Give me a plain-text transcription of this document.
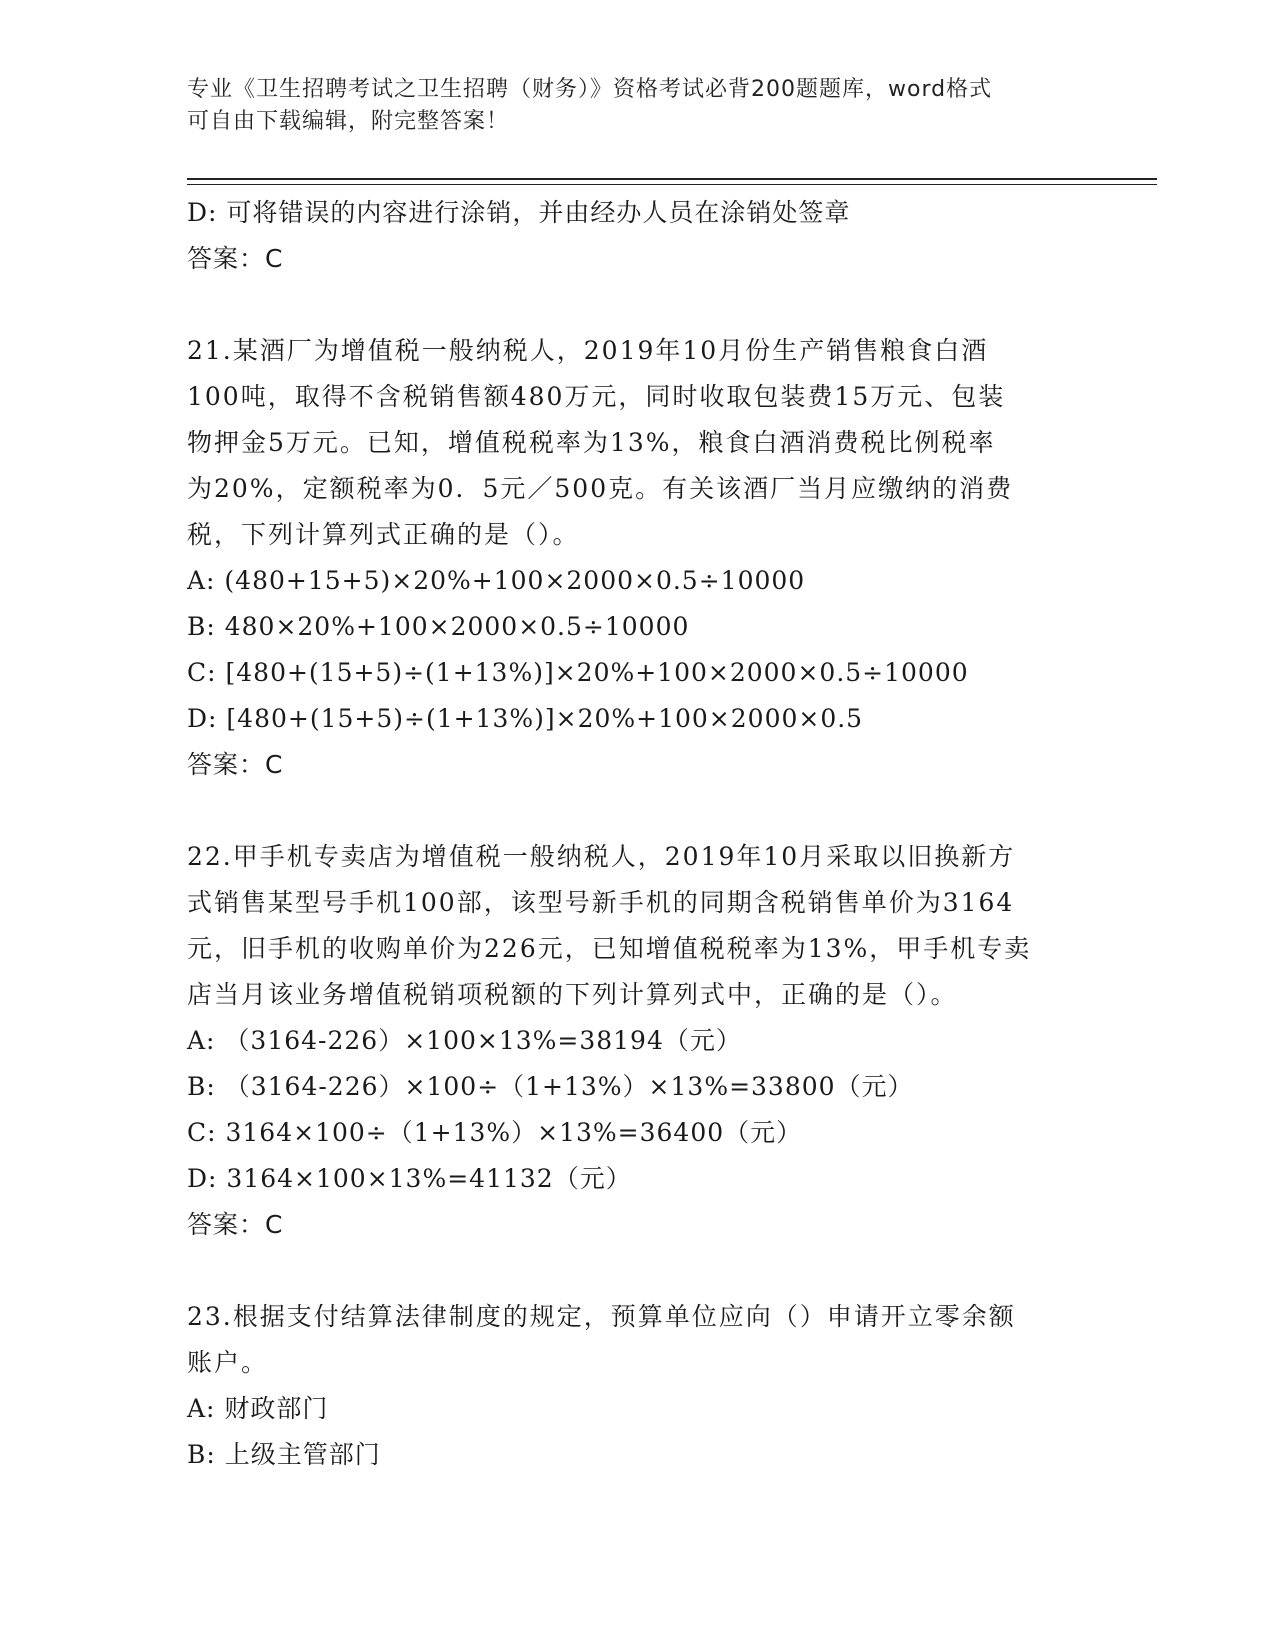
专业《卫生招聘考试之卫生招聘（财务）》资格考试必背200题题库，word格式
可自由下载编辑，附完整答案！
D: 可将错误的内容进行涂销，并由经办人员在涂销处签章
答案：C
21.某酒厂为增值税一般纳税人，2019年10月份生产销售粮食白酒
100吨，取得不含税销售额480万元，同时收取包装费15万元、包装
物押金5万元。已知，增值税税率为13%，粮食白酒消费税比例税率
为20%，定额税率为0．5元／500克。有关该酒厂当月应缴纳的消费
税，下列计算列式正确的是（）。
A: (480+15+5)×20%+100×2000×0.5÷10000
B: 480×20%+100×2000×0.5÷10000
C: [480+(15+5)÷(1+13%)]×20%+100×2000×0.5÷10000
D: [480+(15+5)÷(1+13%)]×20%+100×2000×0.5
答案：C
22.甲手机专卖店为增值税一般纳税人，2019年10月采取以旧换新方
式销售某型号手机100部，该型号新手机的同期含税销售单价为3164
元，旧手机的收购单价为226元，已知增值税税率为13%，甲手机专卖
店当月该业务增值税销项税额的下列计算列式中，正确的是（）。
A: （3164-226）×100×13%=38194（元）
B: （3164-226）×100÷（1+13%）×13%=33800（元）
C: 3164×100÷（1+13%）×13%=36400（元）
D: 3164×100×13%=41132（元）
答案：C
23.根据支付结算法律制度的规定，预算单位应向（）申请开立零余额
账户。
A: 财政部门
B: 上级主管部门
